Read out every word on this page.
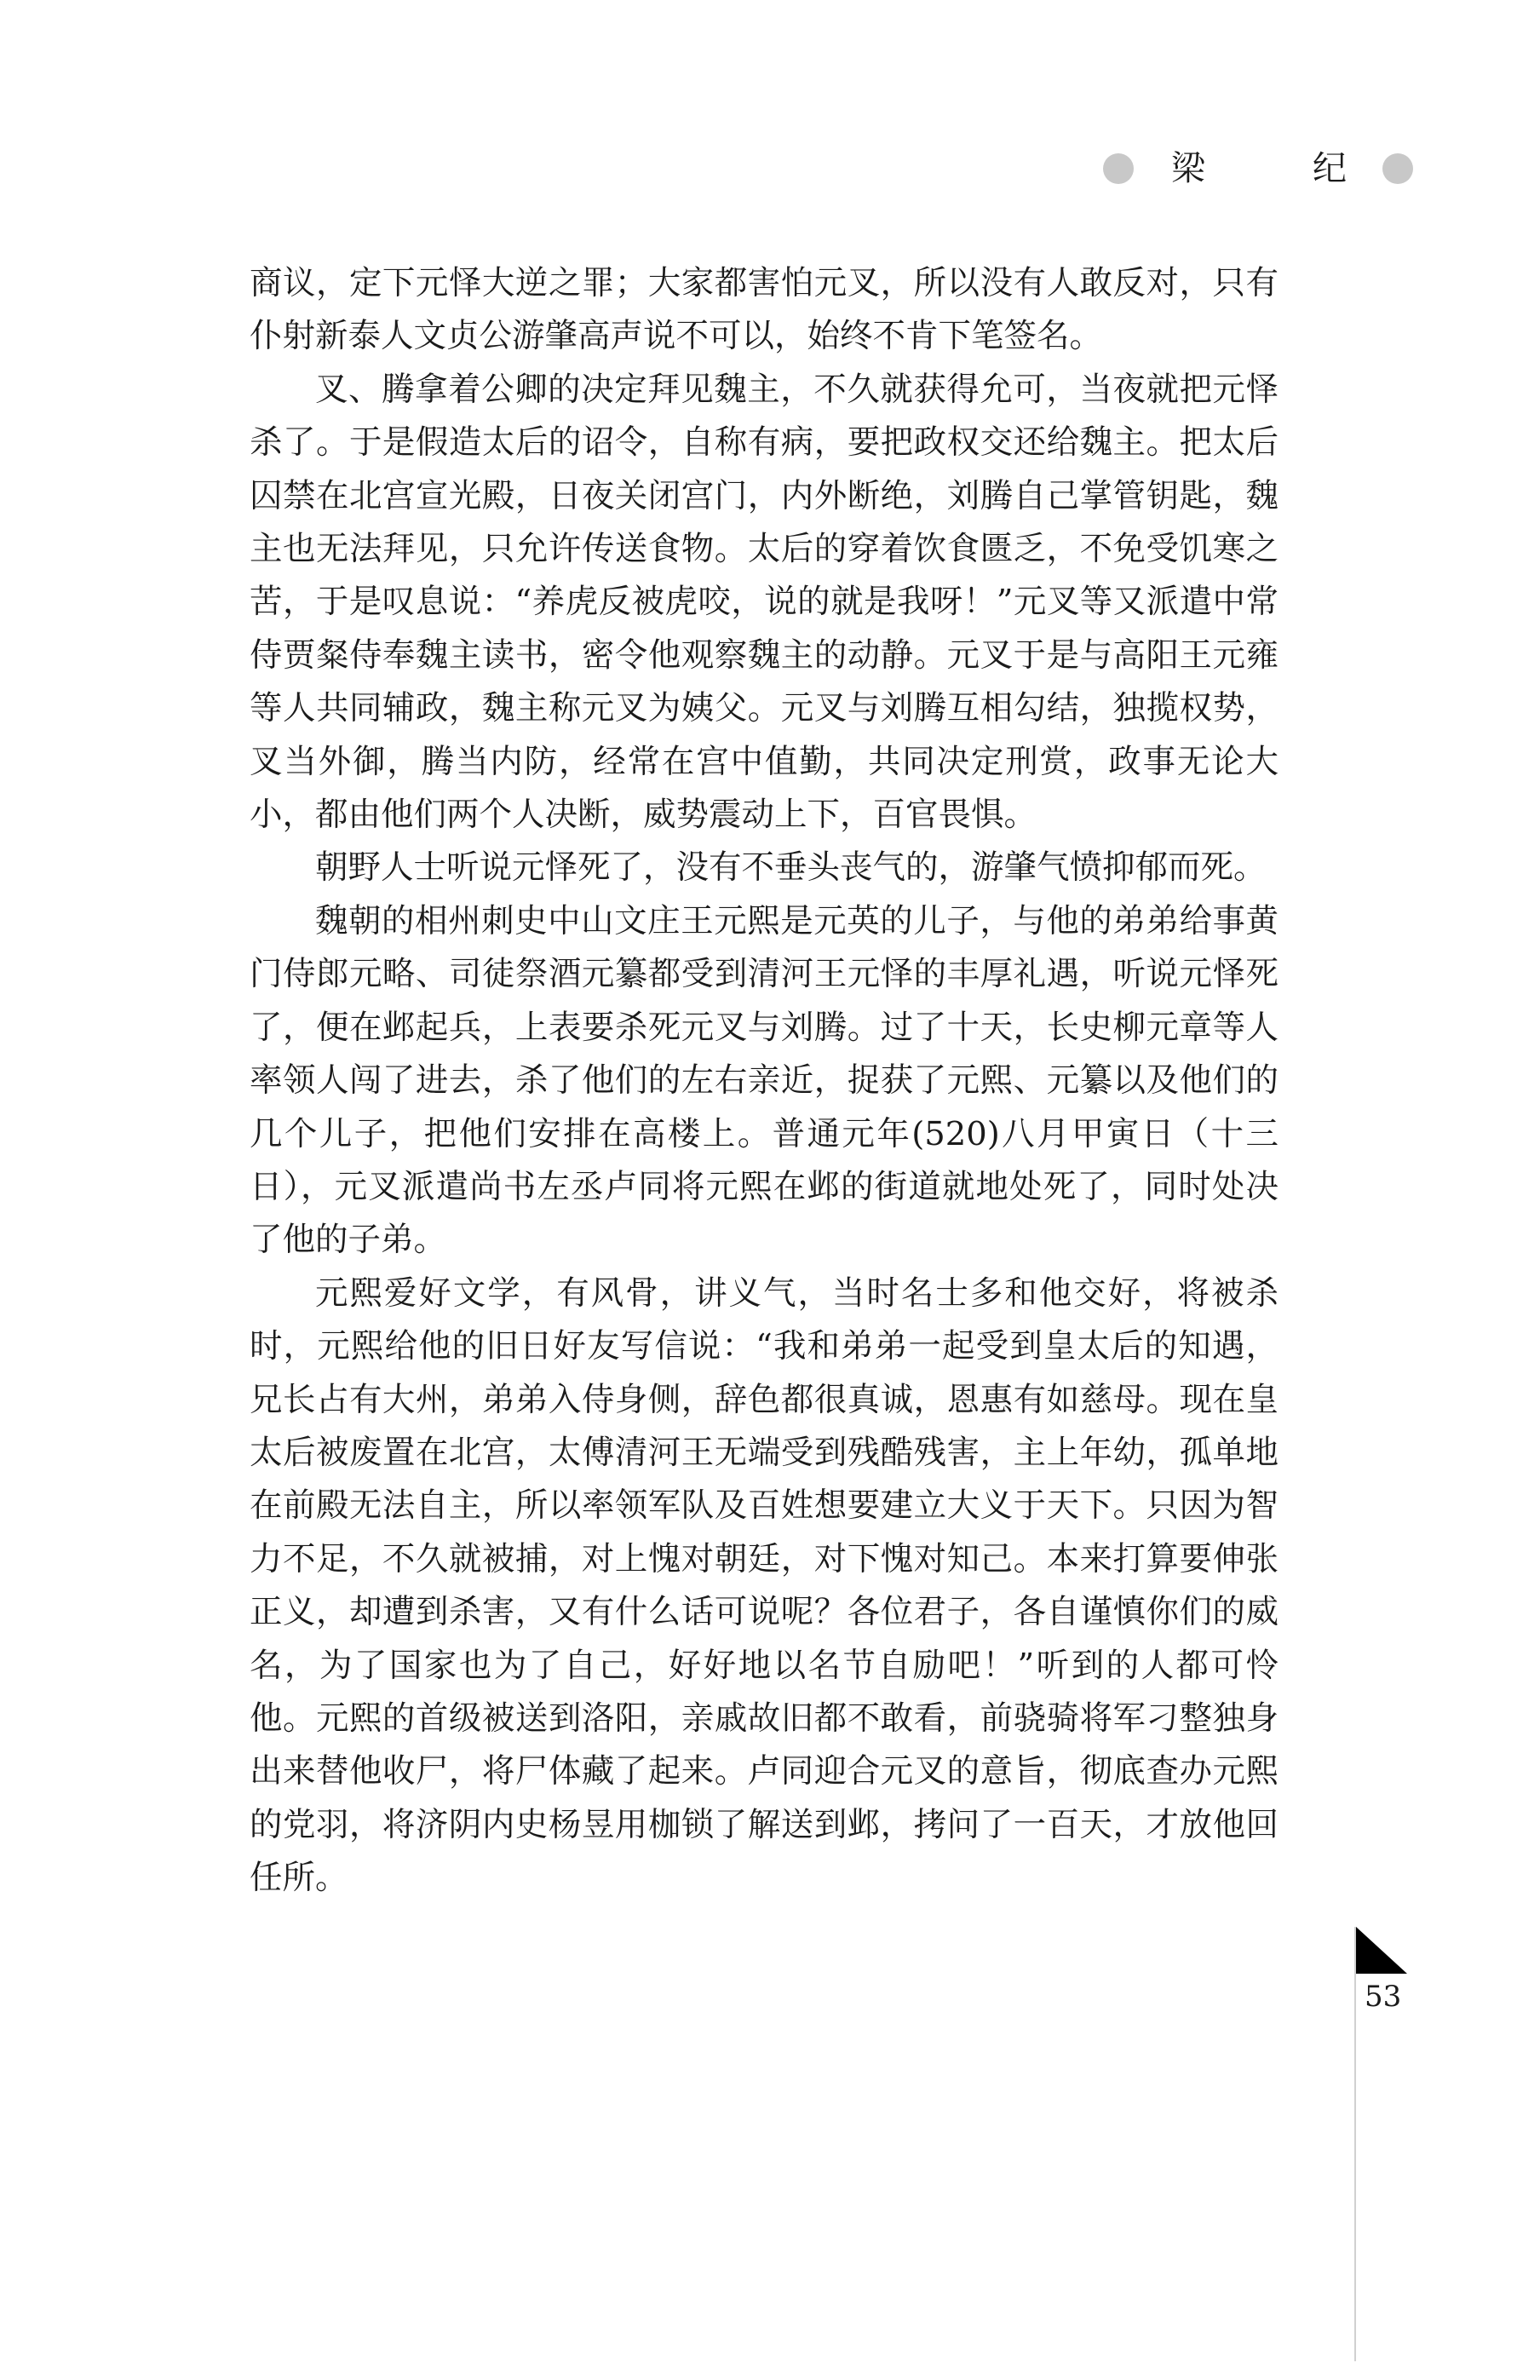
梁　纪

商议，定下元怿大逆之罪；大家都害怕元叉，所以没有人敢反对，只有仆射新泰人文贞公游肇高声说不可以，始终不肯下笔签名。

叉、腾拿着公卿的决定拜见魏主，不久就获得允可，当夜就把元怿杀了。于是假造太后的诏令，自称有病，要把政权交还给魏主。把太后囚禁在北宫宣光殿，日夜关闭宫门，内外断绝，刘腾自己掌管钥匙，魏主也无法拜见，只允许传送食物。太后的穿着饮食匮乏，不免受饥寒之苦，于是叹息说：“养虎反被虎咬，说的就是我呀！”元叉等又派遣中常侍贾粲侍奉魏主读书，密令他观察魏主的动静。元叉于是与高阳王元雍等人共同辅政，魏主称元叉为姨父。元叉与刘腾互相勾结，独揽权势，叉当外御，腾当内防，经常在宫中值勤，共同决定刑赏，政事无论大小，都由他们两个人决断，威势震动上下，百官畏惧。

朝野人士听说元怿死了，没有不垂头丧气的，游肇气愤抑郁而死。

魏朝的相州刺史中山文庄王元熙是元英的儿子，与他的弟弟给事黄门侍郎元略、司徒祭酒元纂都受到清河王元怿的丰厚礼遇，听说元怿死了，便在邺起兵，上表要杀死元叉与刘腾。过了十天，长史柳元章等人率领人闯了进去，杀了他们的左右亲近，捉获了元熙、元纂以及他们的几个儿子，把他们安排在高楼上。普通元年(520)八月甲寅日（十三日），元叉派遣尚书左丞卢同将元熙在邺的街道就地处死了，同时处决了他的子弟。

元熙爱好文学，有风骨，讲义气，当时名士多和他交好，将被杀时，元熙给他的旧日好友写信说：“我和弟弟一起受到皇太后的知遇，兄长占有大州，弟弟入侍身侧，辞色都很真诚，恩惠有如慈母。现在皇太后被废置在北宫，太傅清河王无端受到残酷残害，主上年幼，孤单地在前殿无法自主，所以率领军队及百姓想要建立大义于天下。只因为智力不足，不久就被捕，对上愧对朝廷，对下愧对知己。本来打算要伸张正义，却遭到杀害，又有什么话可说呢？各位君子，各自谨慎你们的威名，为了国家也为了自己，好好地以名节自励吧！”听到的人都可怜他。元熙的首级被送到洛阳，亲戚故旧都不敢看，前骁骑将军刁整独身出来替他收尸，将尸体藏了起来。卢同迎合元叉的意旨，彻底查办元熙的党羽，将济阴内史杨昱用枷锁了解送到邺，拷问了一百天，才放他回任所。

53
